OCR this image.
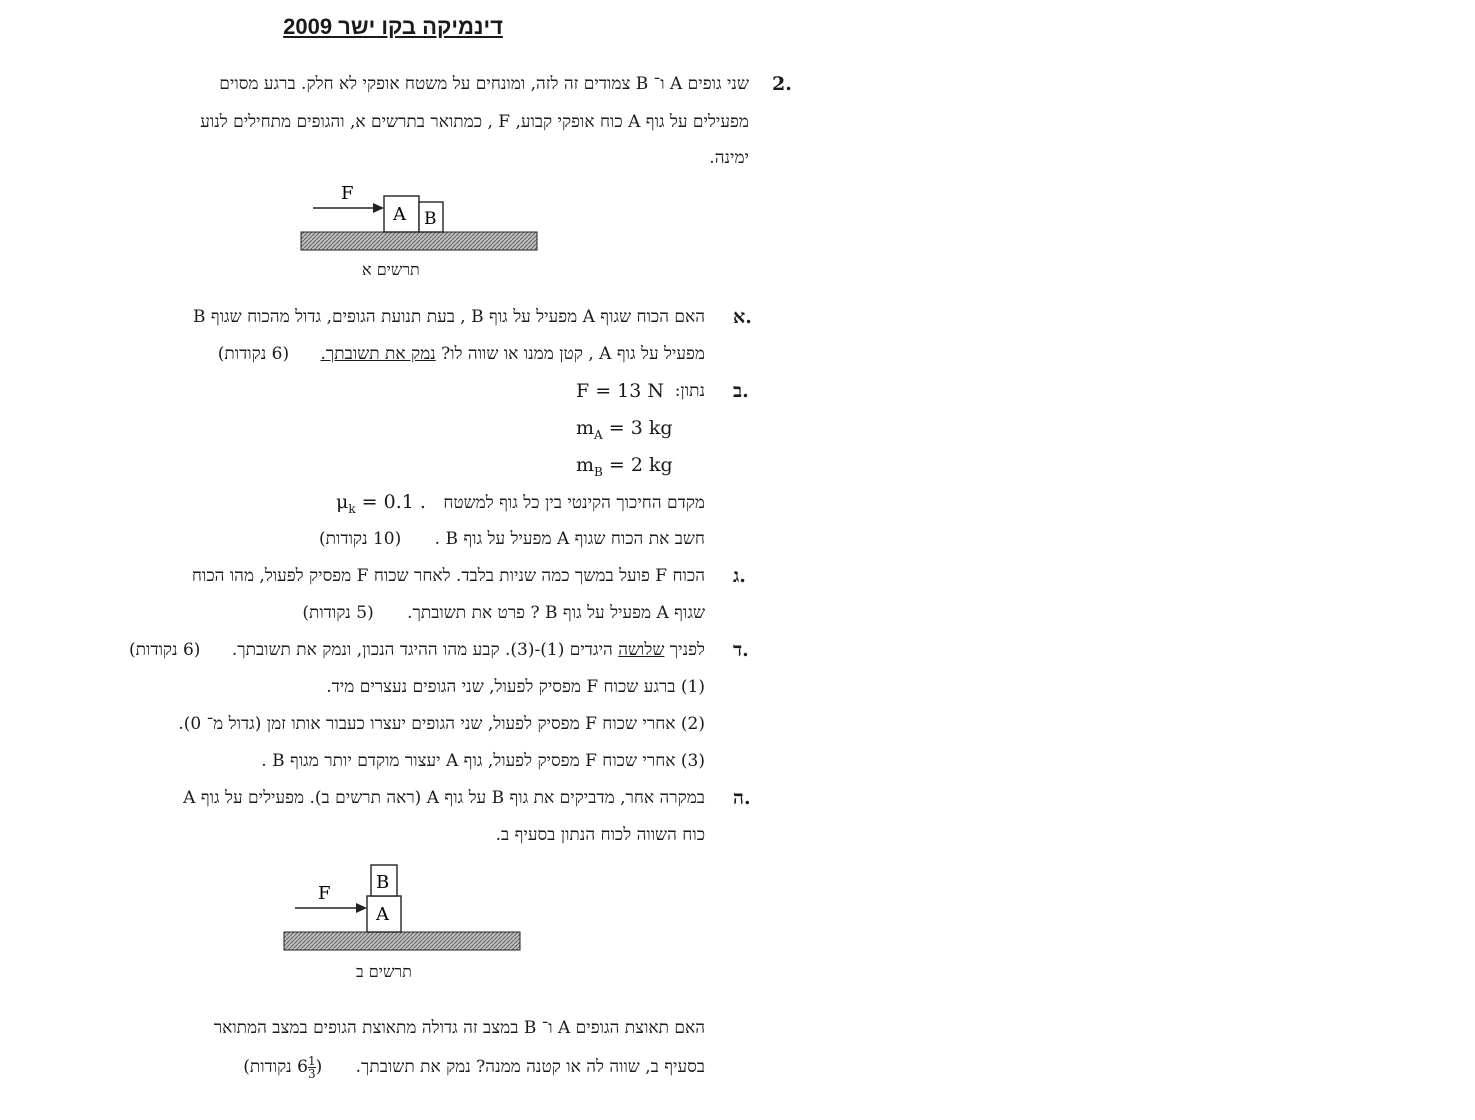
דינמיקה בקו ישר 2009
2.
שני גופים A ו־ B צמודים זה לזה, ומונחים על משטח אופקי לא חלק. ברגע מסוים
מפעילים על גוף A כוח אופקי קבוע, F , כמתואר בתרשים א, והגופים מתחילים לנוע
ימינה.
F
A B
תרשים א
א.
האם הכוח שגוף A מפעיל על גוף B , בעת תנועת הגופים, גדול מהכוח שגוף B
מפעיל על גוף A , קטן ממנו או שווה לו? נמק את תשובתך. (6 נקודות)
ב.
נתון:
F = 13 N
$m_A = 3$ kg
$m_B = 2$ kg
מקדם החיכוך הקינטי בין כל גוף למשטח $\mu_k = 0.1$ .
חשב את הכוח שגוף A מפעיל על גוף B . (10 נקודות)
ג.
הכוח F פועל במשך כמה שניות בלבד. לאחר שכוח F מפסיק לפעול, מהו הכוח
שגוף A מפעיל על גוף B ? פרט את תשובתך. (5 נקודות)
ד.
לפניך שלושה היגדים (1)-(3). קבע מהו ההיגד הנכון, ונמק את תשובתך. (6 נקודות)
(1) ברגע שכוח F מפסיק לפעול, שני הגופים נעצרים מיד.
(2) אחרי שכוח F מפסיק לפעול, שני הגופים יעצרו כעבור אותו זמן (גדול מ־ 0).
(3) אחרי שכוח F מפסיק לפעול, גוף A יעצור מוקדם יותר מגוף B .
ה.
במקרה אחר, מדביקים את גוף B על גוף A (ראה תרשים ב). מפעילים על גוף A
כוח השווה לכוח הנתון בסעיף ב.
F
A
B
תרשים ב
האם תאוצת הגופים A ו־ B במצב זה גדולה מתאוצת הגופים במצב המתואר
בסעיף ב, שווה לה או קטנה ממנה? נמק את תשובתך. ($6 \frac{1}{3}$
נקודות)
